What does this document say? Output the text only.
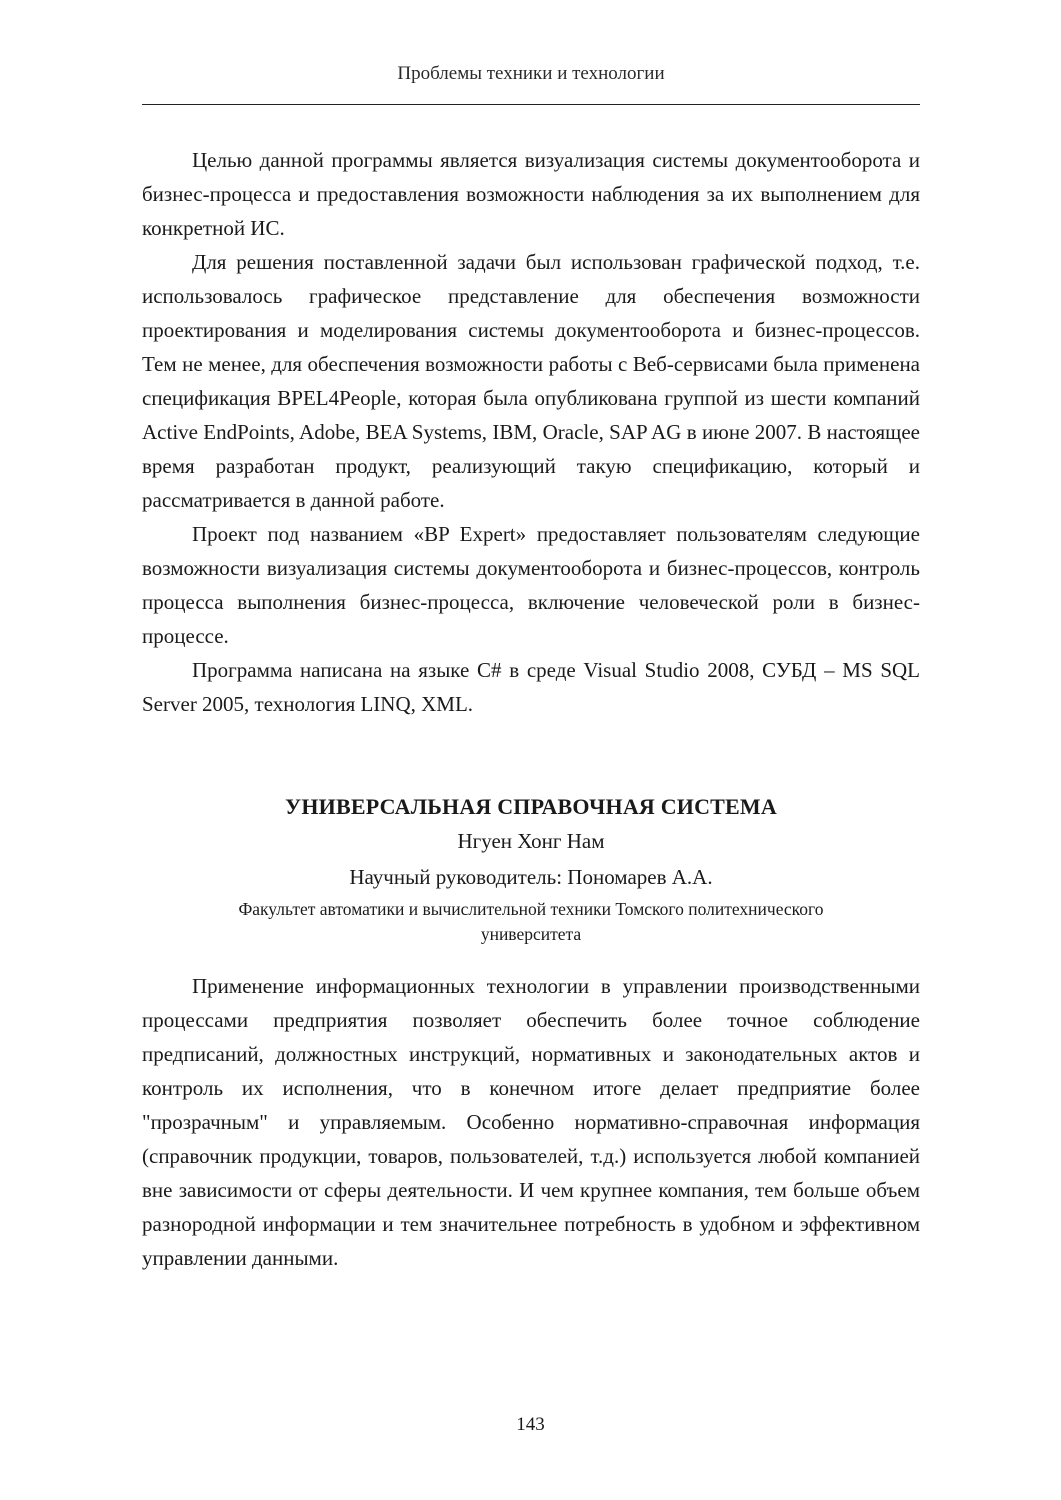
Проблемы техники и технологии

Целью данной программы является визуализация системы документооборота и бизнес-процесса и предоставления возможности наблюдения за их выполнением для конкретной ИС.

Для решения поставленной задачи был использован графической подход, т.е. использовалось графическое представление для обеспечения возможности проектирования и моделирования системы документооборота и бизнес-процессов. Тем не менее, для обеспечения возможности работы с Веб-сервисами была применена спецификация BPEL4People, которая была опубликована группой из шести компаний Active EndPoints, Adobe, BEA Systems, IBM, Oracle, SAP AG в июне 2007. В настоящее время разработан продукт, реализующий такую спецификацию, который и рассматривается в данной работе.

Проект под названием «BP Expert» предоставляет пользователям следующие возможности визуализация системы документооборота и бизнес-процессов, контроль процесса выполнения бизнес-процесса, включение человеческой роли в бизнес-процессе.

Программа написана на языке C# в среде Visual Studio 2008, СУБД – MS SQL Server 2005, технология LINQ, XML.

УНИВЕРСАЛЬНАЯ СПРАВОЧНАЯ СИСТЕМА

Нгуен Хонг Нам

Научный руководитель: Пономарев А.А.

Факультет автоматики и вычислительной техники Томского политехнического университета

Применение информационных технологии в управлении производственными процессами предприятия позволяет обеспечить более точное соблюдение предписаний, должностных инструкций, нормативных и законодательных актов и контроль их исполнения, что в конечном итоге делает предприятие более "прозрачным" и управляемым. Особенно нормативно-справочная информация (справочник продукции, товаров, пользователей, т.д.) используется любой компанией вне зависимости от сферы деятельности. И чем крупнее компания, тем больше объем разнородной информации и тем значительнее потребность в удобном и эффективном управлении данными.

143
